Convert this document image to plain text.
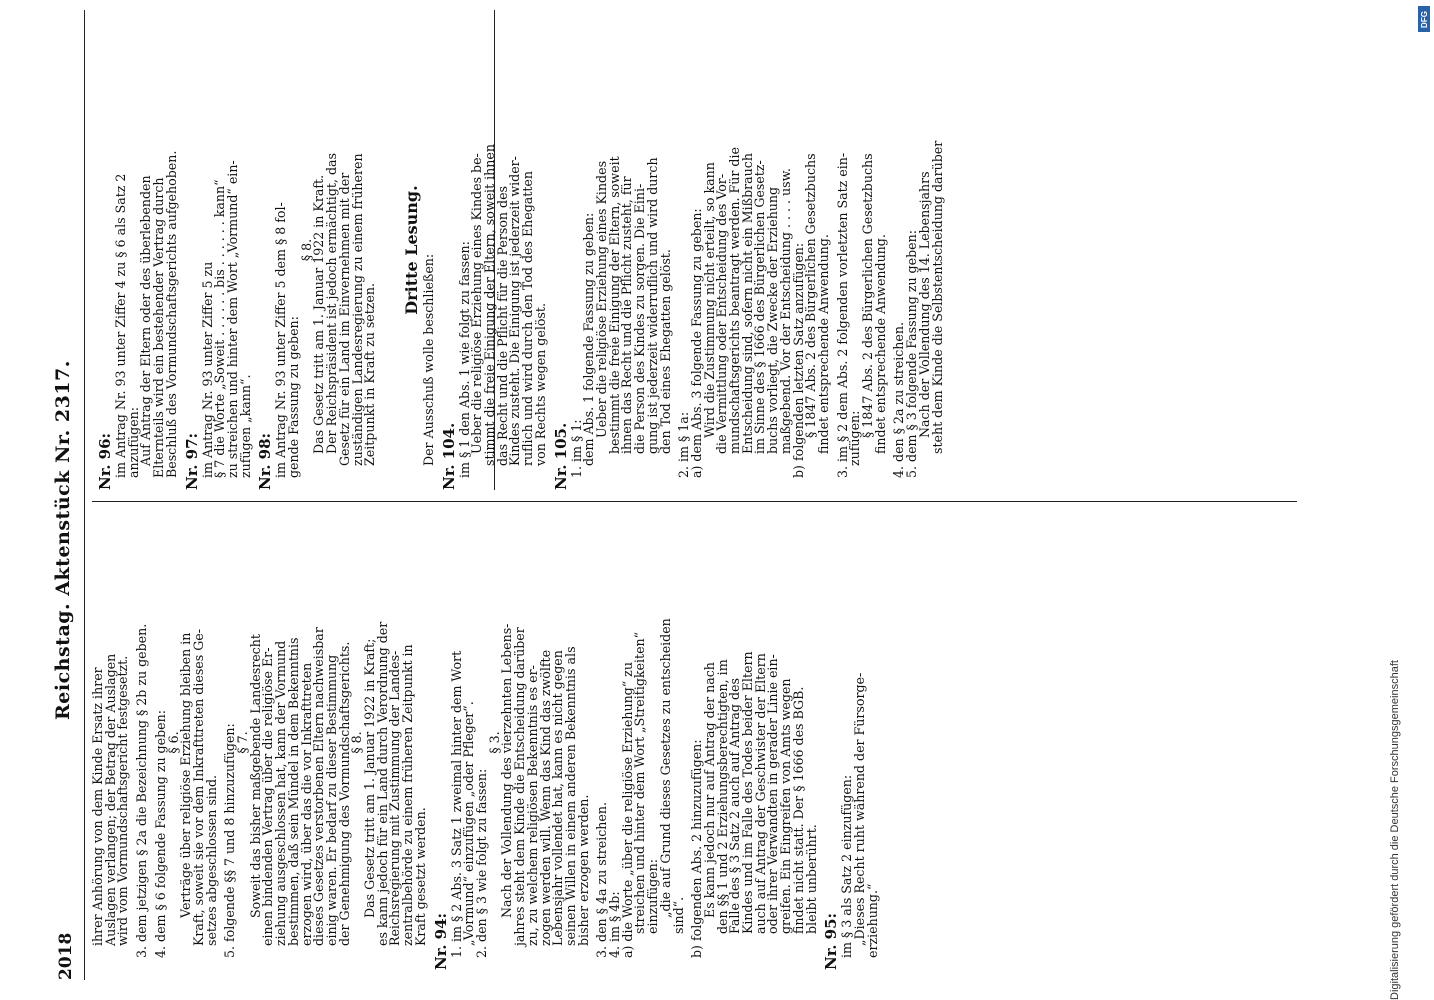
2018
Reichstag. Aktenstück Nr. 2317.

ihrer Anhörung von dem Kinde Ersatz ihrer

Auslagen verlangen; der Betrag der Auslagen

wird vom Vormundschaftsgericht festgesetzt. 3. dem jetzigen § 2a die Bezeichnung § 2b zu geben. 4. dem § 6 folgende Fassung zu geben:

§ 6.

Verträge über religiöse Erziehung bleiben in

Kraft, soweit sie vor dem Inkrafttreten dieses Ge-

setzes abgeschlossen sind. 5. folgende §§ 7 und 8 hinzuzufügen:

§ 7.

Soweit das bisher maßgebende Landesrecht

einen bindenden Vertrag über die religiöse Er-

ziehung ausgeschlossen hat, kann der Vormund

bestimmen, daß sein Mündel in dem Bekenntnis

erzogen wird, über das die vor Inkrafttreten

dieses Gesetzes verstorbenen Eltern nachweisbar

einig waren. Er bedarf zu dieser Bestimmung

der Genehmigung des Vormundschaftsgerichts.

§ 8.

Das Gesetz tritt am 1. Januar 1922 in Kraft;

es kann jedoch für ein Land durch Verordnung der

Reichsregierung mit Zustimmung der Landes-

zentralbehörde zu einem früheren Zeitpunkt in

Kraft gesetzt werden. Nr. 94: 1. im § 2 Abs. 3 Satz 1 zweimal hinter dem Wort

„Vormund“ einzufügen „oder Pfleger“.

2. den § 3 wie folgt zu fassen:

§ 3.

Nach der Vollendung des vierzehnten Lebens-

jahres steht dem Kinde die Entscheidung darüber

zu, zu welchem religiösen Bekenntnis es er-

zogen werden will. Wenn das Kind das zwölfte

Lebensjahr vollendet hat, kann es nicht gegen

seinen Willen in einem anderen Bekenntnis als

bisher erzogen werden. 3. den § 4a zu streichen.

4. im § 4b:

a) die Worte „über die religiöse Erziehung“ zu

streichen und hinter dem Wort „Streitigkeiten“

einzufügen:

„die auf Grund dieses Gesetzes zu entscheiden

sind“. b) folgenden Abs. 2 hinzuzufügen:

Es kann jedoch nur auf Antrag der nach

den §§ 1 und 2 Erziehungsberechtigten, im

Falle des § 3 Satz 2 auch auf Antrag des

Kindes und im Falle des Todes beider Eltern

auch auf Antrag der Geschwister der Eltern

oder ihrer Verwandten in gerader Linie ein-

greifen. Ein Eingreifen von Amts wegen

findet nicht statt. Der § 1666 des BGB.

bleibt unberührt.

Nr. 95: im § 3 als Satz 2 einzufügen:

„Dieses Recht ruht während der Fürsorge-

erziehung.“

Nr. 96: im Antrag Nr. 93 unter Ziffer 4 zu § 6 als Satz 2

anzufügen:

Auf Antrag der Eltern oder des überlebenden

Elternteils wird ein bestehender Vertrag durch

Beschluß des Vormundschaftsgerichts aufgehoben. Nr. 97: im Antrag Nr. 93 unter Ziffer 5 zu

§ 7 die Worte „Soweit . . . . . . bis . . . . . . kann“

zu streichen und hinter dem Wort „Vormund“ ein-

zufügen „kann“. Nr. 98: im Antrag Nr. 93 unter Ziffer 5 dem § 8 fol-

gende Fassung zu geben:

§ 8.

Das Gesetz tritt am 1. Januar 1922 in Kraft.

Der Reichspräsident ist jedoch ermächtigt, das

Gesetz für ein Land im Einvernehmen mit der

zuständigen Landesregierung zu einem früheren

Zeitpunkt in Kraft zu setzen.

Dritte Lesung.

Der Ausschuß wolle beschließen: Nr. 104. im § 1 den Abs. 1 wie folgt zu fassen:

Ueber die religiöse Erziehung eines Kindes be-

stimmt die freie Einigung der Eltern, soweit ihnen

das Recht und die Pflicht für die Person des

Kindes zusteht. Die Einigung ist jederzeit wider-

ruflich und wird durch den Tod des Ehegatten

von Rechts wegen gelöst. Nr. 105. 1. im § 1:

dem Abs. 1 folgende Fassung zu geben:

Ueber die religiöse Erziehung eines Kindes

bestimmt die freie Einigung der Eltern, soweit

ihnen das Recht und die Pflicht zusteht, für

die Person des Kindes zu sorgen. Die Eini-

gung ist jederzeit widerruflich und wird durch

den Tod eines Ehegatten gelöst. 2. im § 1a:

a) dem Abs. 3 folgende Fassung zu geben:

Wird die Zustimmung nicht erteilt, so kann

die Vermittlung oder Entscheidung des Vor-

mundschaftsgerichts beantragt werden. Für die

Entscheidung sind, sofern nicht ein Mißbrauch

im Sinne des § 1666 des Bürgerlichen Gesetz-

buchs vorliegt, die Zwecke der Erziehung

maßgebend. Vor der Entscheidung . . . . usw.

b) folgenden letzten Satz anzufügen:

§ 1847 Abs. 2 des Bürgerlichen Gesetzbuchs

findet entsprechende Anwendung. 3. im § 2 dem Abs. 2 folgenden vorletzten Satz ein-

zufügen:

§ 1847 Abs. 2 des Bürgerlichen Gesetzbuchs

findet entsprechende Anwendung. 4. den § 2a zu streichen.

5. dem § 3 folgende Fassung zu geben:

Nach der Vollendung des 14. Lebensjahrs

steht dem Kinde die Selbstentscheidung darüber

Digitalisierung gefördert durch die Deutsche Forschungsgemeinschaft
DFG
